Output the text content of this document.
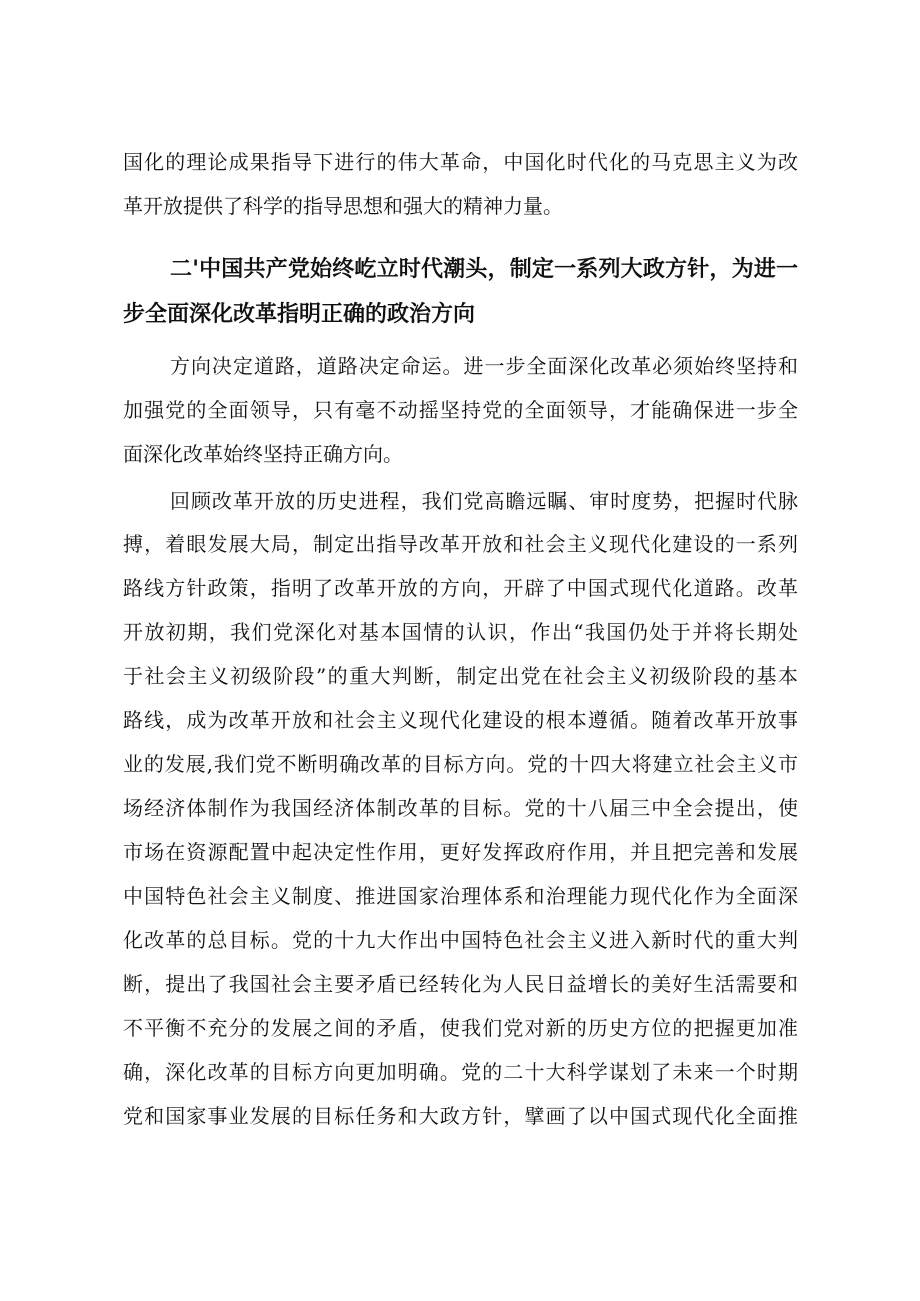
国化的理论成果指导下进行的伟大革命，中国化时代化的马克思主义为改
革开放提供了科学的指导思想和强大的精神力量。
二'中国共产党始终屹立时代潮头，制定一系列大政方针，为进一
步全面深化改革指明正确的政治方向
方向决定道路，道路决定命运。进一步全面深化改革必须始终坚持和
加强党的全面领导，只有毫不动摇坚持党的全面领导，才能确保进一步全
面深化改革始终坚持正确方向。
回顾改革开放的历史进程，我们党高瞻远瞩、审时度势，把握时代脉
搏，着眼发展大局，制定出指导改革开放和社会主义现代化建设的一系列
路线方针政策，指明了改革开放的方向，开辟了中国式现代化道路。改革
开放初期，我们党深化对基本国情的认识，作出“我国仍处于并将长期处
于社会主义初级阶段”的重大判断，制定出党在社会主义初级阶段的基本
路线，成为改革开放和社会主义现代化建设的根本遵循。随着改革开放事
业的发展,我们党不断明确改革的目标方向。党的十四大将建立社会主义市
场经济体制作为我国经济体制改革的目标。党的十八届三中全会提出，使
市场在资源配置中起决定性作用，更好发挥政府作用，并且把完善和发展
中国特色社会主义制度、推进国家治理体系和治理能力现代化作为全面深
化改革的总目标。党的十九大作出中国特色社会主义进入新时代的重大判
断，提出了我国社会主要矛盾已经转化为人民日益增长的美好生活需要和
不平衡不充分的发展之间的矛盾，使我们党对新的历史方位的把握更加准
确，深化改革的目标方向更加明确。党的二十大科学谋划了未来一个时期
党和国家事业发展的目标任务和大政方针，擘画了以中国式现代化全面推
